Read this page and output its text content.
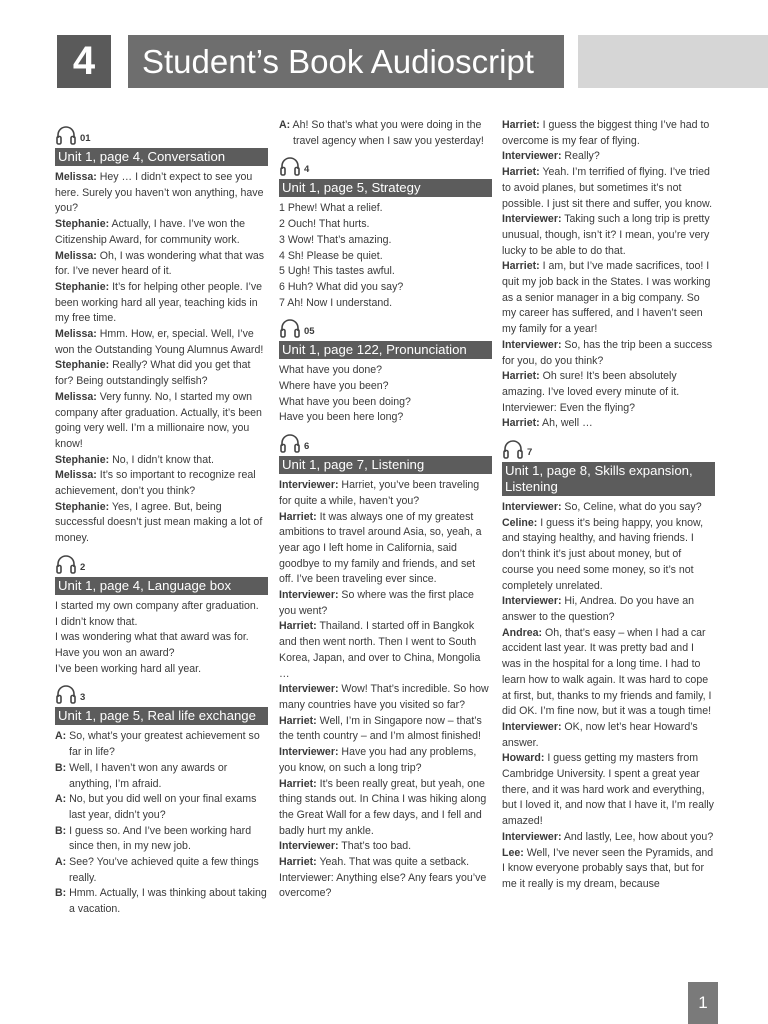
4	Student’s Book Audioscript
01
Unit 1, page 4, Conversation

Melissa: Hey … I didn’t expect to see you here. Surely you haven’t won anything, have you?

Stephanie: Actually, I have. I’ve won the Citizenship Award, for community work.

Melissa: Oh, I was wondering what that was for. I’ve never heard of it.

Stephanie: It’s for helping other people. I’ve been working hard all year, teaching kids in my free time.

Melissa: Hmm. How, er, special. Well, I’ve won the Outstanding Young Alumnus Award!

Stephanie: Really? What did you get that for? Being outstandingly selfish?

Melissa: Very funny. No, I started my own company after graduation. Actually, it’s been going very well. I’m a millionaire now, you know!

Stephanie: No, I didn’t know that.

Melissa: It’s so important to recognize real achievement, don’t you think?

Stephanie: Yes, I agree. But, being successful doesn’t just mean making a lot of money.

2
Unit 1, page 4, Language box

I started my own company after graduation.

I didn’t know that.

I was wondering what that award was for.

Have you won an award?

I’ve been working hard all year.

3
Unit 1, page 5, Real life exchange

A: So, what’s your greatest achievement so far in life?

B: Well, I haven’t won any awards or anything, I’m afraid.

A: No, but you did well on your final exams last year, didn’t you?

B: I guess so. And I’ve been working hard since then, in my new job.

A: See? You’ve achieved quite a few things really.

B: Hmm. Actually, I was thinking about taking a vacation.

A: Ah! So that’s what you were doing in the travel agency when I saw you yesterday!

4
Unit 1, page 5, Strategy

1 Phew! What a relief.

2 Ouch! That hurts.

3 Wow! That’s amazing.

4 Sh! Please be quiet.

5 Ugh! This tastes awful.

6 Huh? What did you say?

7 Ah! Now I understand.

05
Unit 1, page 122, Pronunciation

What have you done?

Where have you been?

What have you been doing?

Have you been here long?

6
Unit 1, page 7, Listening

Interviewer: Harriet, you’ve been traveling for quite a while, haven’t you?

Harriet: It was always one of my greatest ambitions to travel around Asia, so, yeah, a year ago I left home in California, said goodbye to my family and friends, and set off. I’ve been traveling ever since.

Interviewer: So where was the first place you went?

Harriet: Thailand. I started off in Bangkok and then went north. Then I went to South Korea, Japan, and over to China, Mongolia …

Interviewer: Wow! That’s incredible. So how many countries have you visited so far?

Harriet: Well, I’m in Singapore now – that’s the tenth country – and I’m almost finished!

Interviewer: Have you had any problems, you know, on such a long trip?

Harriet: It’s been really great, but yeah, one thing stands out. In China I was hiking along the Great Wall for a few days, and I fell and badly hurt my ankle.

Interviewer: That’s too bad.

Harriet: Yeah. That was quite a setback.

Interviewer: Anything else? Any fears you’ve overcome?

Harriet: I guess the biggest thing I’ve had to overcome is my fear of flying.

Interviewer: Really?

Harriet: Yeah. I’m terrified of flying. I’ve tried to avoid planes, but sometimes it’s not possible. I just sit there and suffer, you know.

Interviewer: Taking such a long trip is pretty unusual, though, isn’t it? I mean, you’re very lucky to be able to do that.

Harriet: I am, but I’ve made sacrifices, too! I quit my job back in the States. I was working as a senior manager in a big company. So my career has suffered, and I haven’t seen my family for a year!

Interviewer: So, has the trip been a success for you, do you think?

Harriet: Oh sure! It’s been absolutely amazing. I’ve loved every minute of it.

Interviewer: Even the flying?

Harriet: Ah, well …

7
Unit 1, page 8, Skills expansion, Listening

Interviewer: So, Celine, what do you say?

Celine: I guess it’s being happy, you know, and staying healthy, and having friends. I don’t think it’s just about money, but of course you need some money, so it’s not completely unrelated.

Interviewer: Hi, Andrea. Do you have an answer to the question?

Andrea: Oh, that’s easy – when I had a car accident last year. It was pretty bad and I was in the hospital for a long time. I had to learn how to walk again. It was hard to cope at first, but, thanks to my friends and family, I did OK. I’m fine now, but it was a tough time!

Interviewer: OK, now let’s hear Howard’s answer.

Howard: I guess getting my masters from Cambridge University. I spent a great year there, and it was hard work and everything, but I loved it, and now that I have it, I’m really amazed!

Interviewer: And lastly, Lee, how about you?

Lee: Well, I’ve never seen the Pyramids, and I know everyone probably says that, but for me it really is my dream, because

1
